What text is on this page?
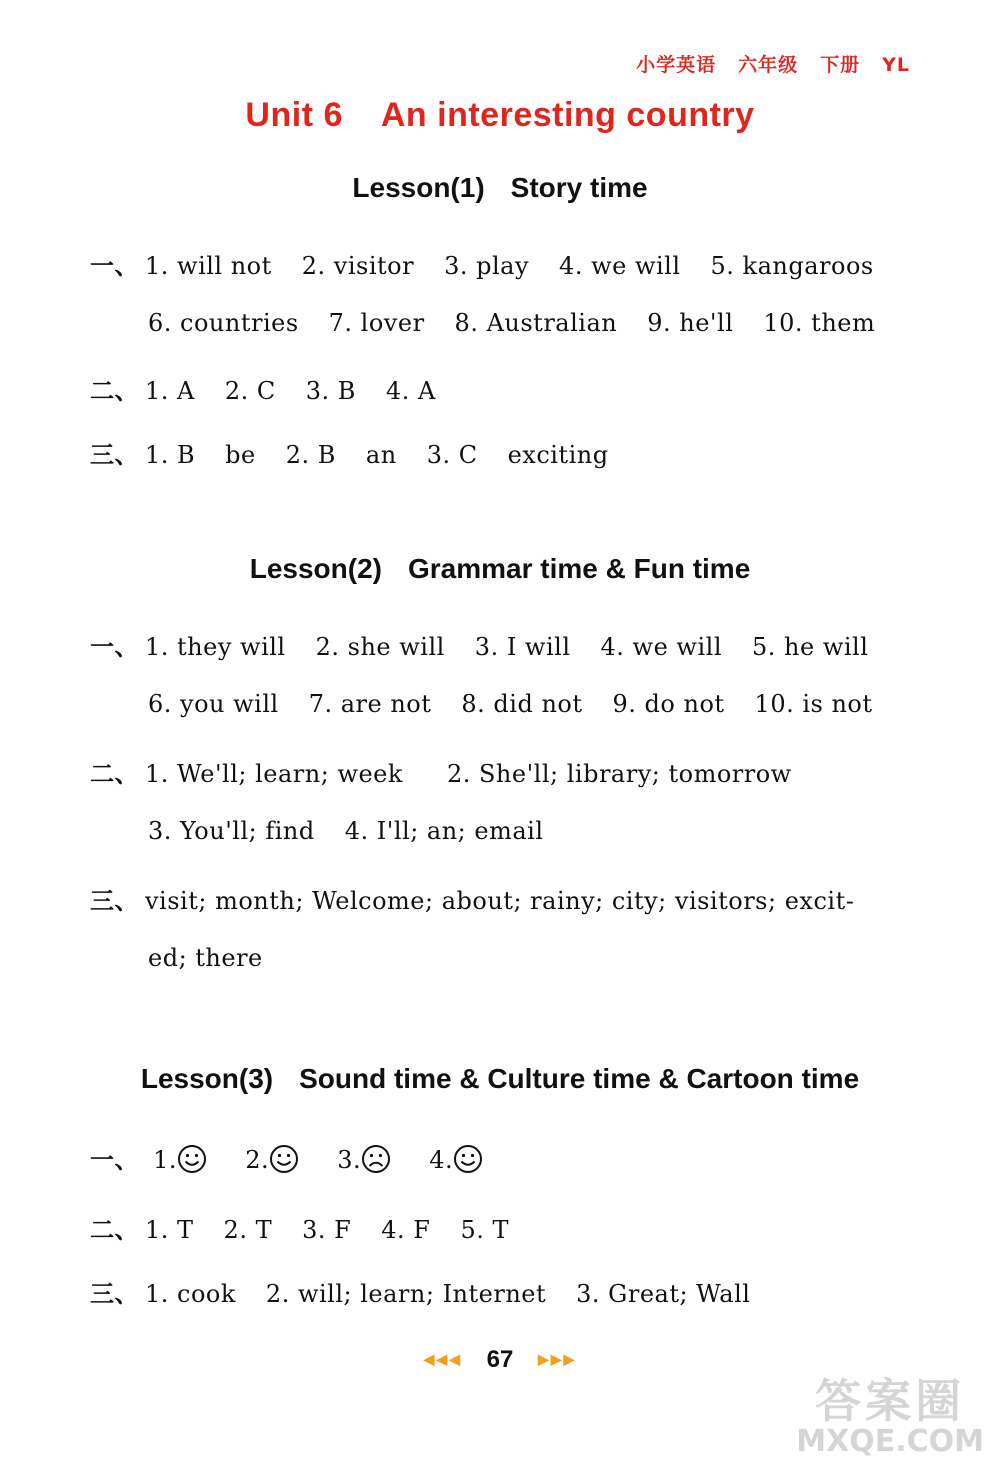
小学英语 六年级 下册 YL
Unit 6 An interesting country
Lesson(1) Story time
一、 1. will not 2. visitor 3. play 4. we will 5. kangaroos
6. countries 7. lover 8. Australian 9. he'll 10. them
二、 1. A 2. C 3. B 4. A
三、 1. B be 2. B an 3. C exciting
Lesson(2) Grammar time & Fun time
一、 1. they will 2. she will 3. I will 4. we will 5. he will
6. you will 7. are not 8. did not 9. do not 10. is not
二、 1. We'll; learn; week 2. She'll; library; tomorrow
3. You'll; find 4. I'll; an; email
三、 visit; month; Welcome; about; rainy; city; visitors; excit-
ed; there
Lesson(3) Sound time & Culture time & Cartoon time
一、 1.	2.	3.	4.
二、 1. T 2. T 3. F 4. F 5. T
三、 1. cook 2. will; learn; Internet 3. Great; Wall
◀◀◀ 67 ▶▶▶
答案圈
MXQE.COM
